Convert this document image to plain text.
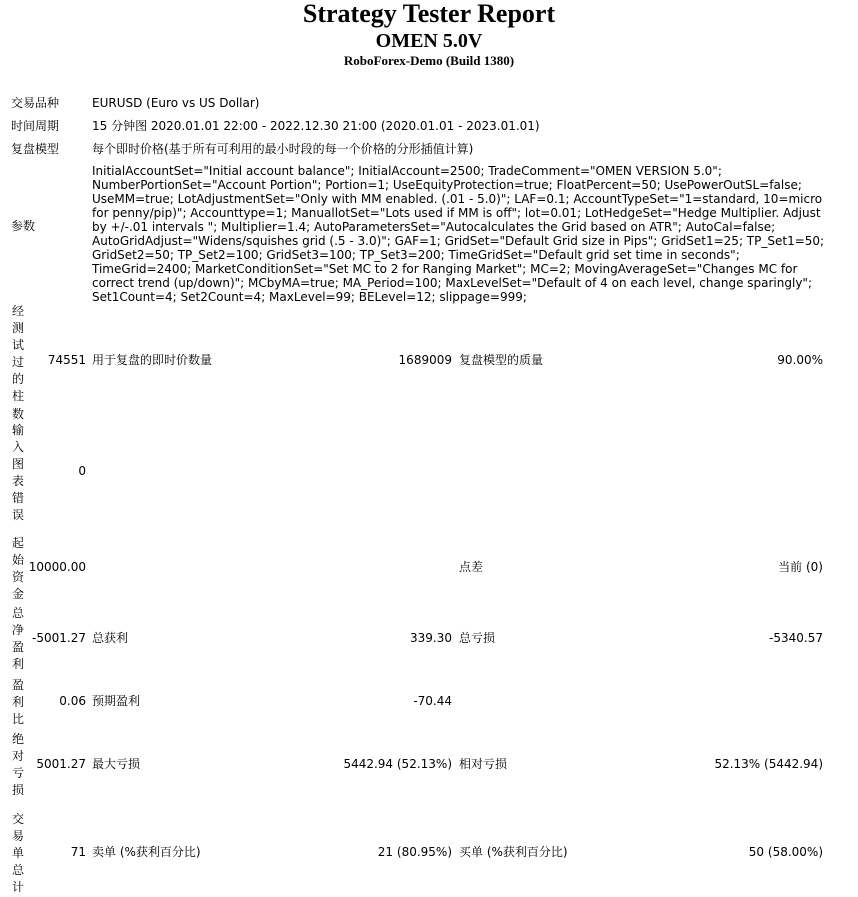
Strategy Tester Report
OMEN 5.0V
RoboForex-Demo (Build 1380)
交易品种	EURUSD (Euro vs US Dollar)
时间周期	15 分钟图 2020.01.01 22:00 - 2022.12.30 21:00 (2020.01.01 - 2023.01.01)
复盘模型	每个即时价格(基于所有可利用的最小时段的每一个价格的分形插值计算)
参数
InitialAccountSet="Initial account balance"; InitialAccount=2500; TradeComment="OMEN VERSION 5.0"; NumberPortionSet="Account Portion"; Portion=1; UseEquityProtection=true; FloatPercent=50; UsePowerOutSL=false; UseMM=true; LotAdjustmentSet="Only with MM enabled. (.01 - 5.0)"; LAF=0.1; AccountTypeSet="1=standard, 10=micro for penny/pip)"; Accounttype=1; ManuallotSet="Lots used if MM is off"; lot=0.01; LotHedgeSet="Hedge Multiplier. Adjust by +/-.01 intervals "; Multiplier=1.4; AutoParametersSet="Autocalculates the Grid based on ATR"; AutoCal=false; AutoGridAdjust="Widens/squishes grid (.5 - 3.0)"; GAF=1; GridSet="Default Grid size in Pips"; GridSet1=25; TP_Set1=50; GridSet2=50; TP_Set2=100; GridSet3=100; TP_Set3=200; TimeGridSet="Default grid set time in seconds"; TimeGrid=2400; MarketConditionSet="Set MC to 2 for Ranging Market"; MC=2; MovingAverageSet="Changes MC for correct trend (up/down)"; MCbyMA=true; MA_Period=100; MaxLevelSet="Default of 4 on each level, change sparingly"; Set1Count=4; Set2Count=4; MaxLevel=99; BELevel=12; slippage=999;
经测试过的柱数
74551 用于复盘的即时价数量	1689009 复盘模型的质量	90.00%
输入图表错误
0
起始资金
10000.00	点差	当前 (0)
总净盈利
-5001.27 总获利	339.30 总亏损	-5340.57
盈利比
0.06 预期盈利	-70.44
绝对亏损
5001.27 最大亏损	5442.94 (52.13%) 相对亏损	52.13% (5442.94)
交易单总计
71 卖单 (%获利百分比)	21 (80.95%) 买单 (%获利百分比)	50 (58.00%)
